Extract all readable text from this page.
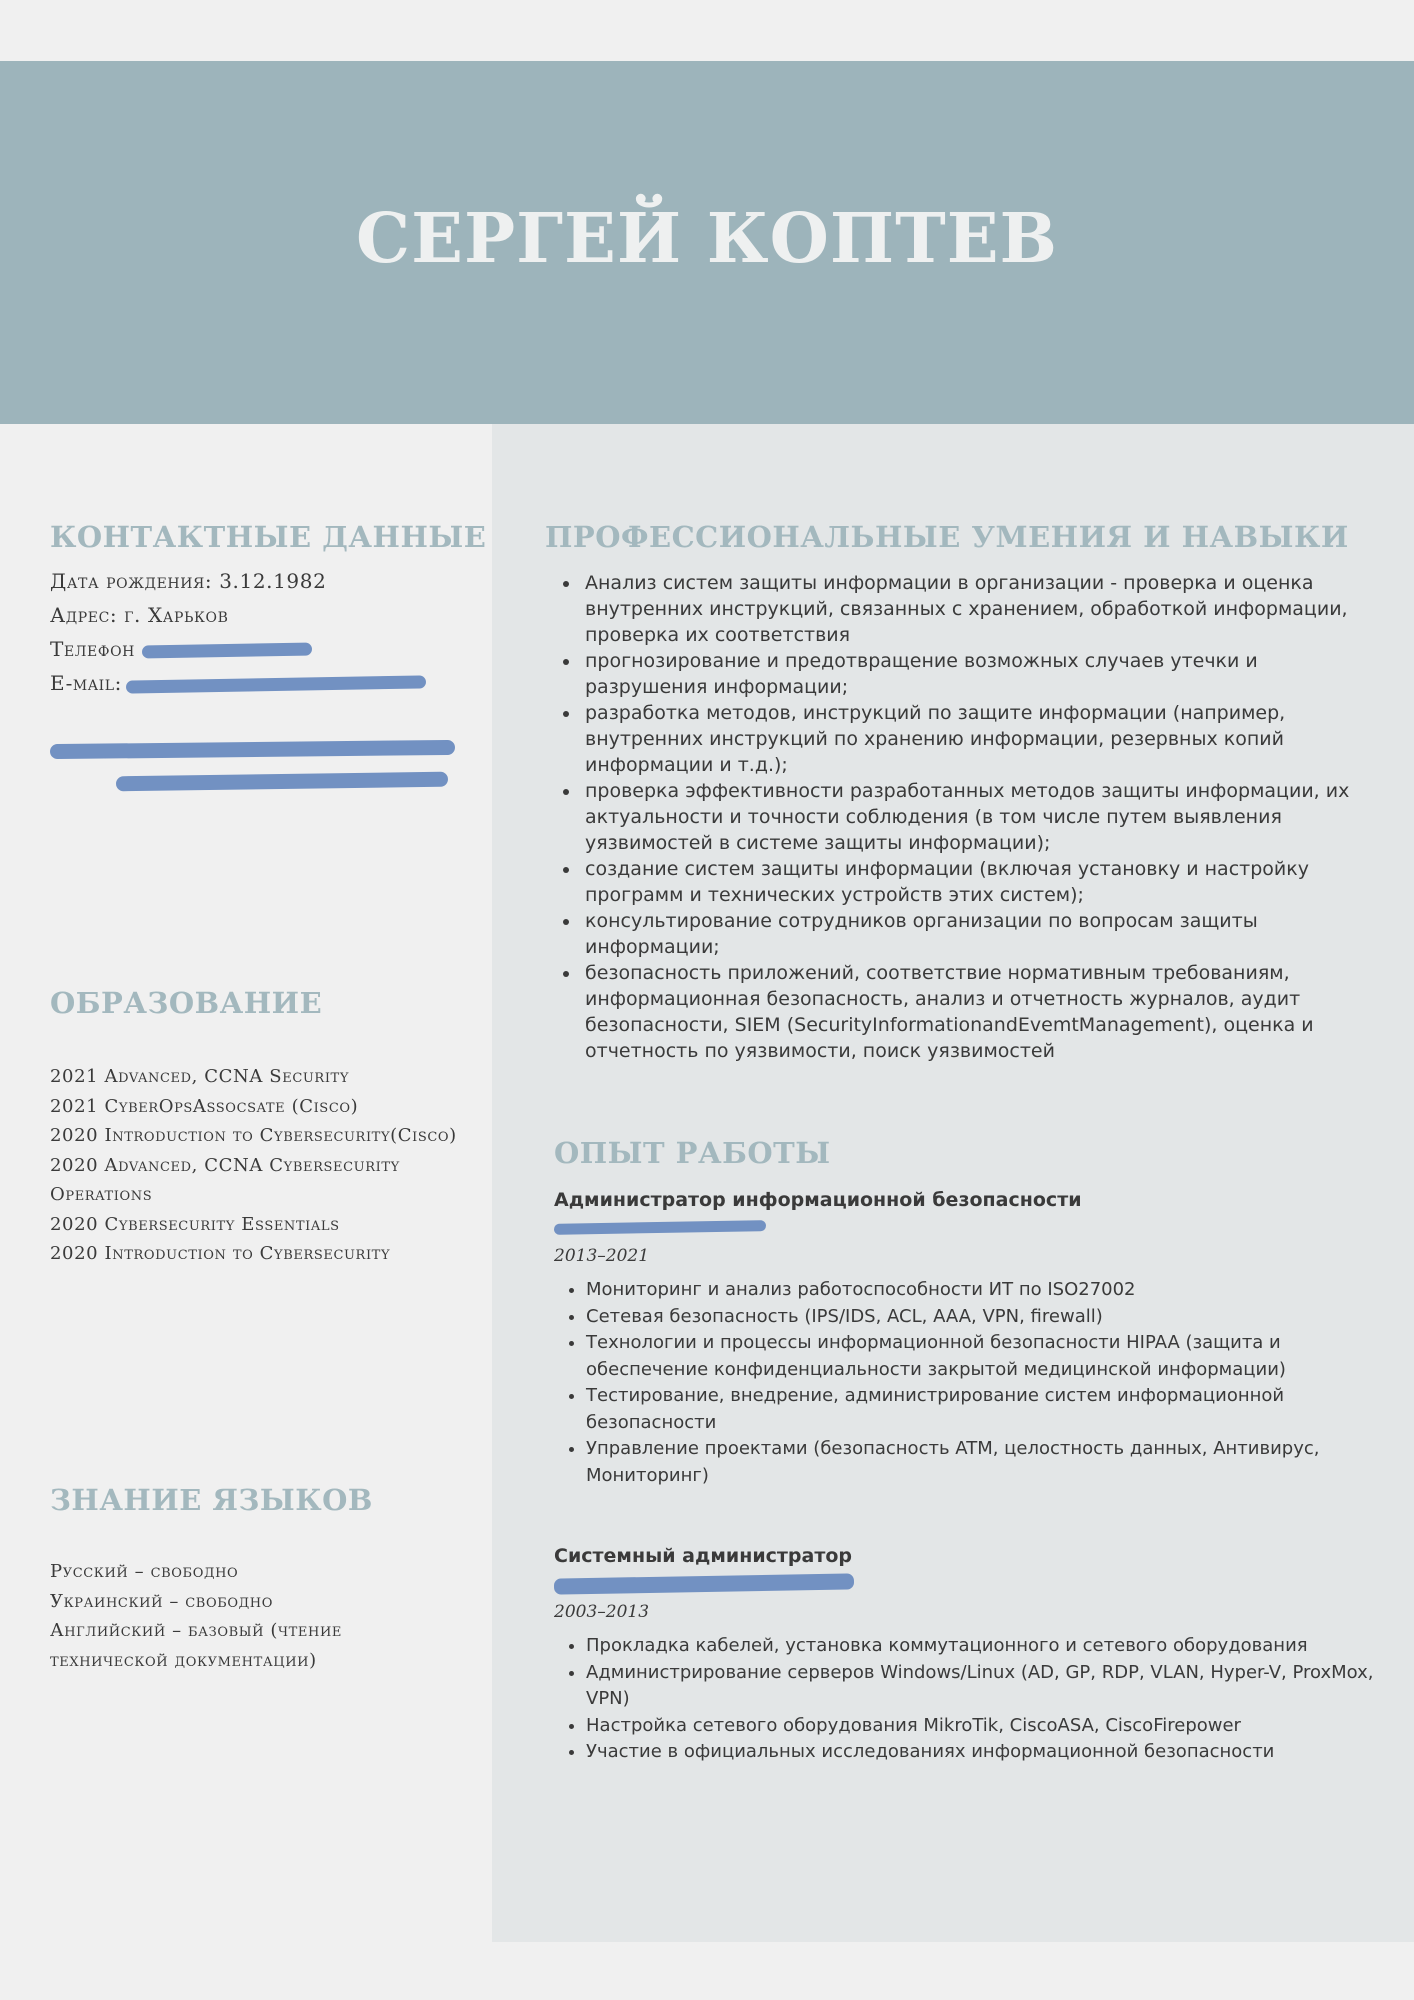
СЕРГЕЙ КОПТЕВ
КОНТАКТНЫЕ ДАННЫЕ
Дата рождения: 3.12.1982
Адрес: г. Харьков
Телефон
E-mail:
ОБРАЗОВАНИЕ
2021 Advanced, CCNA Security
2021 CyberOpsAssocsate (Cisco)
2020 Introduction to Cybersecurity(Cisco)
2020 Advanced, CCNA Cybersecurity Operations
2020 Cybersecurity Essentials
2020 Introduction to Cybersecurity
ЗНАНИЕ ЯЗЫКОВ
Русский – свободно
Украинский – свободно
Английский – базовый (чтение технической документации)
ПРОФЕССИОНАЛЬНЫЕ УМЕНИЯ И НАВЫКИ
• Анализ систем защиты информации в организации - проверка и оценка внутренних инструкций, связанных с хранением, обработкой информации, проверка их соответствия
• прогнозирование и предотвращение возможных случаев утечки и разрушения информации;
• разработка методов, инструкций по защите информации (например, внутренних инструкций по хранению информации, резервных копий информации и т.д.);
• проверка эффективности разработанных методов защиты информации, их актуальности и точности соблюдения (в том числе путем выявления уязвимостей в системе защиты информации);
• создание систем защиты информации (включая установку и настройку программ и технических устройств этих систем);
• консультирование сотрудников организации по вопросам защиты информации;
• безопасность приложений, соответствие нормативным требованиям, информационная безопасность, анализ и отчетность журналов, аудит безопасности, SIEM (SecurityInformationandEvemtManagement), оценка и отчетность по уязвимости, поиск уязвимостей
ОПЫТ РАБОТЫ

Администратор информационной безопасности

2013–2021
• Мониторинг и анализ работоспособности ИТ по ISO27002
• Сетевая безопасность (IPS/IDS, ACL, AAA, VPN, firewall)
• Технологии и процессы информационной безопасности HIPAA (защита и обеспечение конфиденциальности закрытой медицинской информации)
• Тестирование, внедрение, администрирование систем информационной безопасности
• Управление проектами (безопасность ATM, целостность данных, Антивирус, Мониторинг)

Системный администратор

2003–2013
• Прокладка кабелей, установка коммутационного и сетевого оборудования
• Администрирование серверов Windows/Linux (AD, GP, RDP, VLAN, Hyper-V, ProxMox, VPN)
• Настройка сетевого оборудования MikroTik, CiscoASA, CiscoFirepower
• Участие в официальных исследованиях информационной безопасности
